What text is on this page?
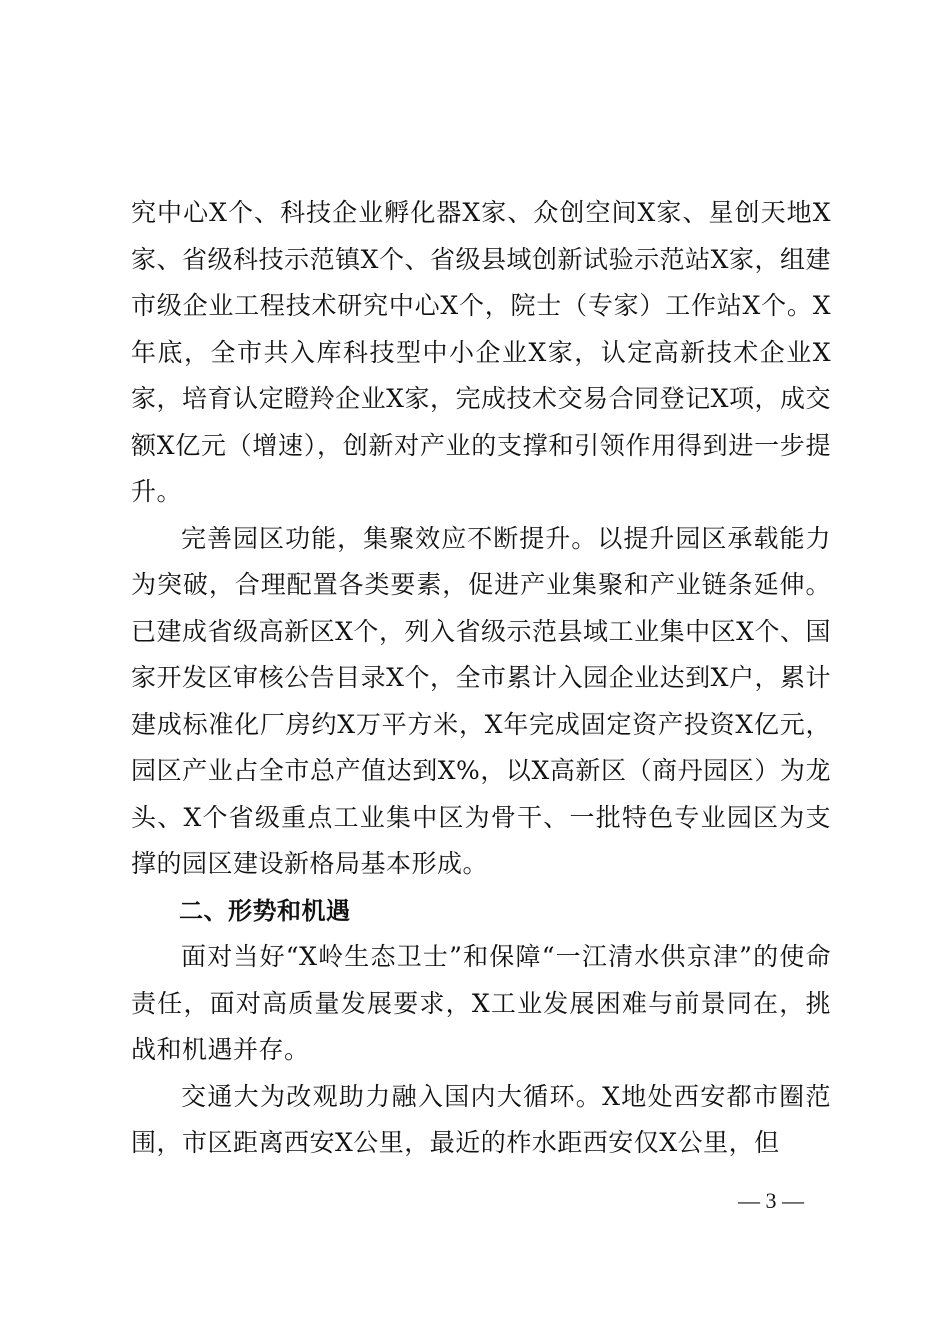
究中心X个、科技企业孵化器X家、众创空间X家、星创天地X家、省级科技示范镇X个、省级县域创新试验示范站X家，组建市级企业工程技术研究中心X个，院士（专家）工作站X个。X年底，全市共入库科技型中小企业X家，认定高新技术企业X家，培育认定瞪羚企业X家，完成技术交易合同登记X项，成交额X亿元（增速），创新对产业的支撑和引领作用得到进一步提升。

完善园区功能，集聚效应不断提升。以提升园区承载能力为突破，合理配置各类要素，促进产业集聚和产业链条延伸。已建成省级高新区X个，列入省级示范县域工业集中区X个、国家开发区审核公告目录X个，全市累计入园企业达到X户，累计建成标准化厂房约X万平方米，X年完成固定资产投资X亿元，园区产业占全市总产值达到X%，以X高新区（商丹园区）为龙头、X个省级重点工业集中区为骨干、一批特色专业园区为支撑的园区建设新格局基本形成。

二、形势和机遇

面对当好“X岭生态卫士”和保障“一江清水供京津”的使命责任，面对高质量发展要求，X工业发展困难与前景同在，挑战和机遇并存。

交通大为改观助力融入国内大循环。X地处西安都市圈范围，市区距离西安X公里，最近的柞水距西安仅X公里，但

— 3 —
